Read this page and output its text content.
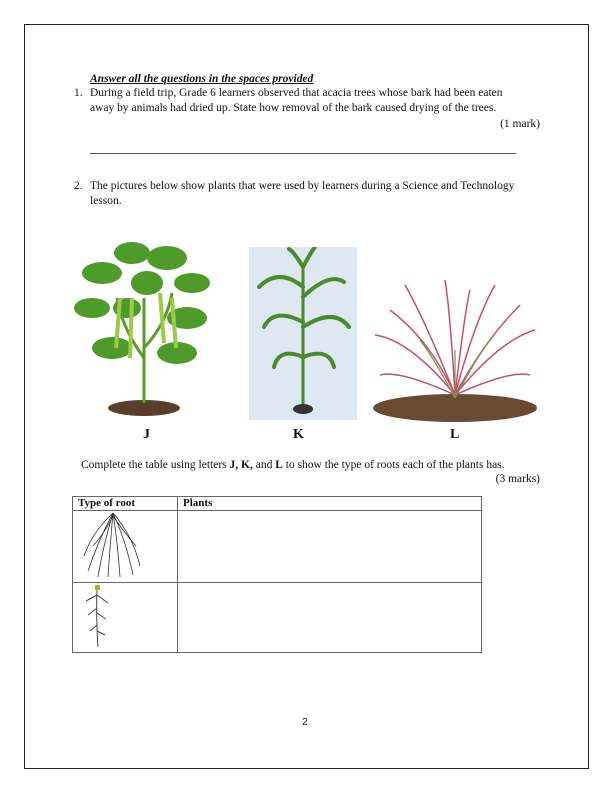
Answer all the questions in the spaces provided
1. During a field trip, Grade 6 learners observed that acacia trees whose bark had been eaten
away by animals had dried up. State how removal of the bark caused drying of the trees.
(1 mark)
2. The pictures below show plants that were used by learners during a Science and Technology
lesson.
J	K	L
Complete the table using letters J, K, and L to show the type of roots each of the plants has.
(3 marks)
Type of root	Plants

2
